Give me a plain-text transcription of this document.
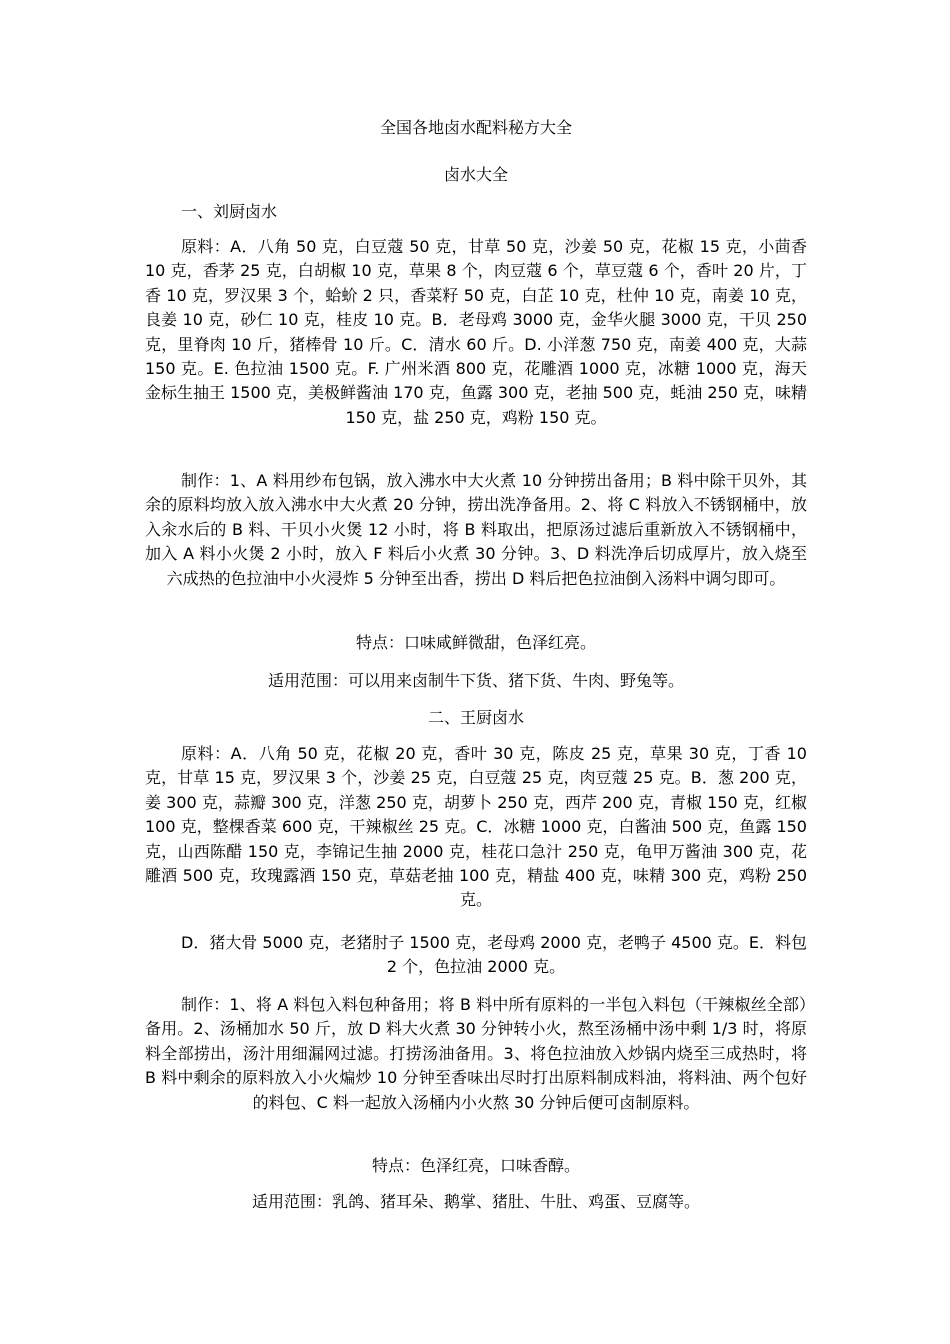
全国各地卤水配料秘方大全
卤水大全
一、刘厨卤水
原料：A．八角 50 克，白豆蔻 50 克，甘草 50 克，沙姜 50 克，花椒 15 克，小茴香 10 克，香茅 25 克，白胡椒 10 克，草果 8 个，肉豆蔻 6 个，草豆蔻 6 个，香叶 20 片，丁香 10 克，罗汉果 3 个，蛤蚧 2 只，香菜籽 50 克，白芷 10 克，杜仲 10 克，南姜 10 克，良姜 10 克，砂仁 10 克，桂皮 10 克。B．老母鸡 3000 克，金华火腿 3000 克，干贝 250 克，里脊肉 10 斤，猪棒骨 10 斤。C．清水 60 斤。D. 小洋葱 750 克，南姜 400 克，大蒜 150 克。E. 色拉油 1500 克。F. 广州米酒 800 克，花雕酒 1000 克，冰糖 1000 克，海天金标生抽王 1500 克，美极鲜酱油 170 克，鱼露 300 克，老抽 500 克，蚝油 250 克，味精 150 克，盐 250 克，鸡粉 150 克。
制作：1、A 料用纱布包锅，放入沸水中大火煮 10 分钟捞出备用；B 料中除干贝外，其余的原料均放入放入沸水中大火煮 20 分钟，捞出洗净备用。2、将 C 料放入不锈钢桶中，放入汆水后的 B 料、干贝小火煲 12 小时，将 B 料取出，把原汤过滤后重新放入不锈钢桶中，加入 A 料小火煲 2 小时，放入 F 料后小火煮 30 分钟。3、D 料洗净后切成厚片，放入烧至六成热的色拉油中小火浸炸 5 分钟至出香，捞出 D 料后把色拉油倒入汤料中调匀即可。
特点：口味咸鲜微甜，色泽红亮。
适用范围：可以用来卤制牛下货、猪下货、牛肉、野兔等。
二、王厨卤水
原料：A．八角 50 克，花椒 20 克，香叶 30 克，陈皮 25 克，草果 30 克，丁香 10 克，甘草 15 克，罗汉果 3 个，沙姜 25 克，白豆蔻 25 克，肉豆蔻 25 克。B．葱 200 克，姜 300 克，蒜瓣 300 克，洋葱 250 克，胡萝卜 250 克，西芹 200 克，青椒 150 克，红椒 100 克，整棵香菜 600 克，干辣椒丝 25 克。C．冰糖 1000 克，白酱油 500 克，鱼露 150 克，山西陈醋 150 克，李锦记生抽 2000 克，桂花口急汁 250 克，龟甲万酱油 300 克，花雕酒 500 克，玫瑰露酒 150 克，草菇老抽 100 克，精盐 400 克，味精 300 克，鸡粉 250 克。
D．猪大骨 5000 克，老猪肘子 1500 克，老母鸡 2000 克，老鸭子 4500 克。E．料包 2 个，色拉油 2000 克。
制作：1、将 A 料包入料包种备用；将 B 料中所有原料的一半包入料包（干辣椒丝全部）备用。2、汤桶加水 50 斤，放 D 料大火煮 30 分钟转小火，熬至汤桶中汤中剩 1/3 时，将原料全部捞出，汤汁用细漏网过滤。打捞汤油备用。3、将色拉油放入炒锅内烧至三成热时，将 B 料中剩余的原料放入小火煸炒 10 分钟至香味出尽时打出原料制成料油，将料油、两个包好的料包、C 料一起放入汤桶内小火熬 30 分钟后便可卤制原料。
特点：色泽红亮，口味香醇。
适用范围：乳鸽、猪耳朵、鹅掌、猪肚、牛肚、鸡蛋、豆腐等。
